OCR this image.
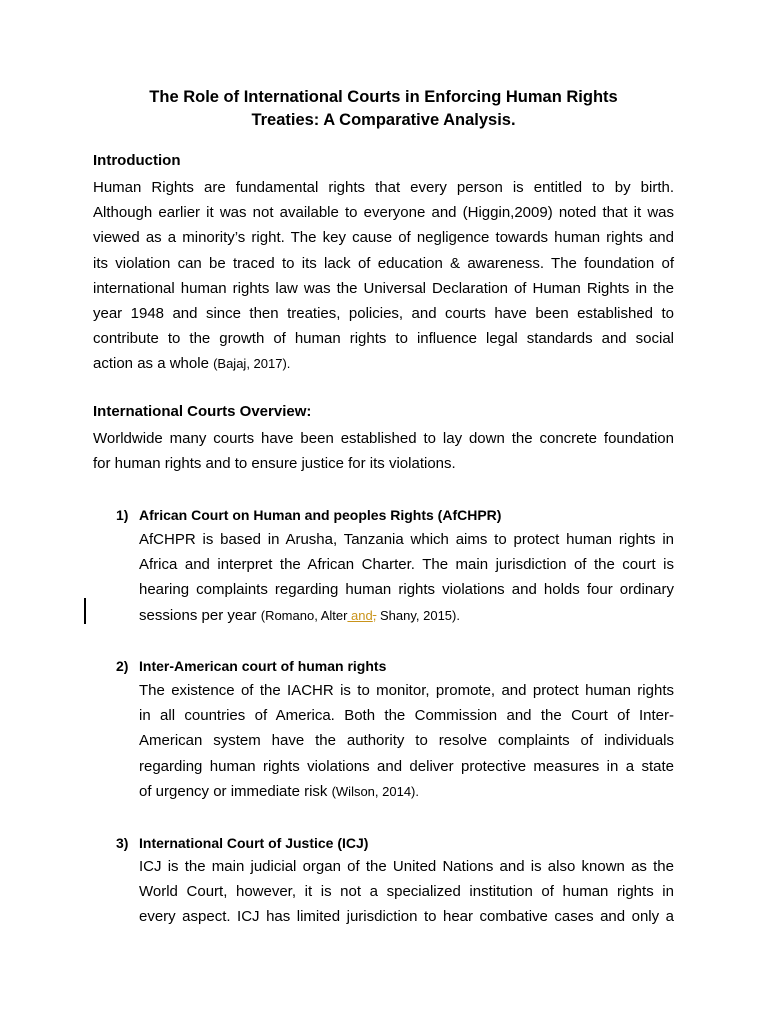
The Role of International Courts in Enforcing Human Rights
Treaties: A Comparative Analysis.
Introduction
Human Rights are fundamental rights that every person is entitled to by birth.
Although earlier it was not available to everyone and (Higgin,2009) noted that it was
viewed as a minority’s right. The key cause of negligence towards human rights and
its violation can be traced to its lack of education & awareness. The foundation of
international human rights law was the Universal Declaration of Human Rights in the
year 1948 and since then treaties, policies, and courts have been established to
contribute to the growth of human rights to influence legal standards and social
action as a whole (Bajaj, 2017).
International Courts Overview:
Worldwide many courts have been established to lay down the concrete foundation
for human rights and to ensure justice for its violations.
1) African Court on Human and peoples Rights (AfCHPR)
AfCHPR is based in Arusha, Tanzania which aims to protect human rights in
Africa and interpret the African Charter. The main jurisdiction of the court is
hearing complaints regarding human rights violations and holds four ordinary
sessions per year (Romano, Alter and, Shany, 2015).
2) Inter-American court of human rights
The existence of the IACHR is to monitor, promote, and protect human rights
in all countries of America. Both the Commission and the Court of Inter-
American system have the authority to resolve complaints of individuals
regarding human rights violations and deliver protective measures in a state
of urgency or immediate risk (Wilson, 2014).
3) International Court of Justice (ICJ)
ICJ is the main judicial organ of the United Nations and is also known as the
World Court, however, it is not a specialized institution of human rights in
every aspect. ICJ has limited jurisdiction to hear combative cases and only a
